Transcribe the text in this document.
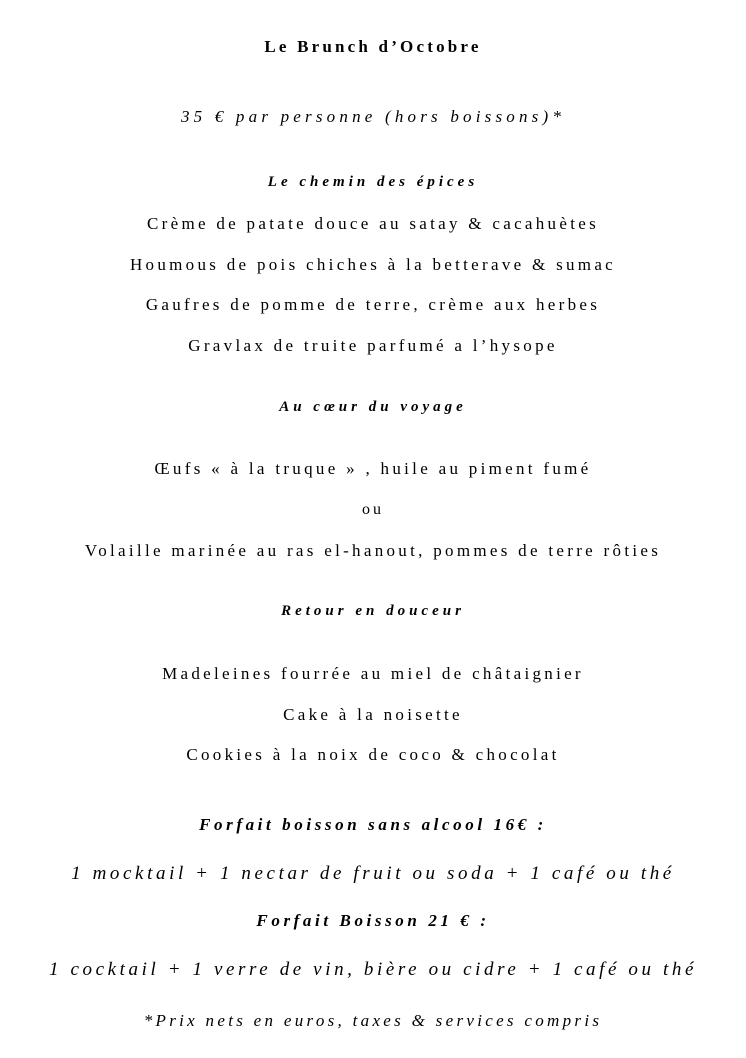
Le Brunch d’Octobre
35 € par personne (hors boissons)*
Le chemin des épices
Crème de patate douce au satay & cacahuètes
Houmous de pois chiches à la betterave & sumac
Gaufres de pomme de terre, crème aux herbes
Gravlax de truite parfumé a l’hysope
Au cœur du voyage
Œufs « à la truque » , huile au piment fumé
ou
Volaille marinée au ras el-hanout, pommes de terre rôties
Retour en douceur
Madeleines fourrée au miel de châtaignier
Cake à la noisette
Cookies à la noix de coco & chocolat
Forfait boisson sans alcool 16€ :
1 mocktail + 1 nectar de fruit ou soda + 1 café ou thé
Forfait Boisson 21 € :
1 cocktail + 1 verre de vin, bière ou cidre + 1 café ou thé
*Prix nets en euros, taxes & services compris
